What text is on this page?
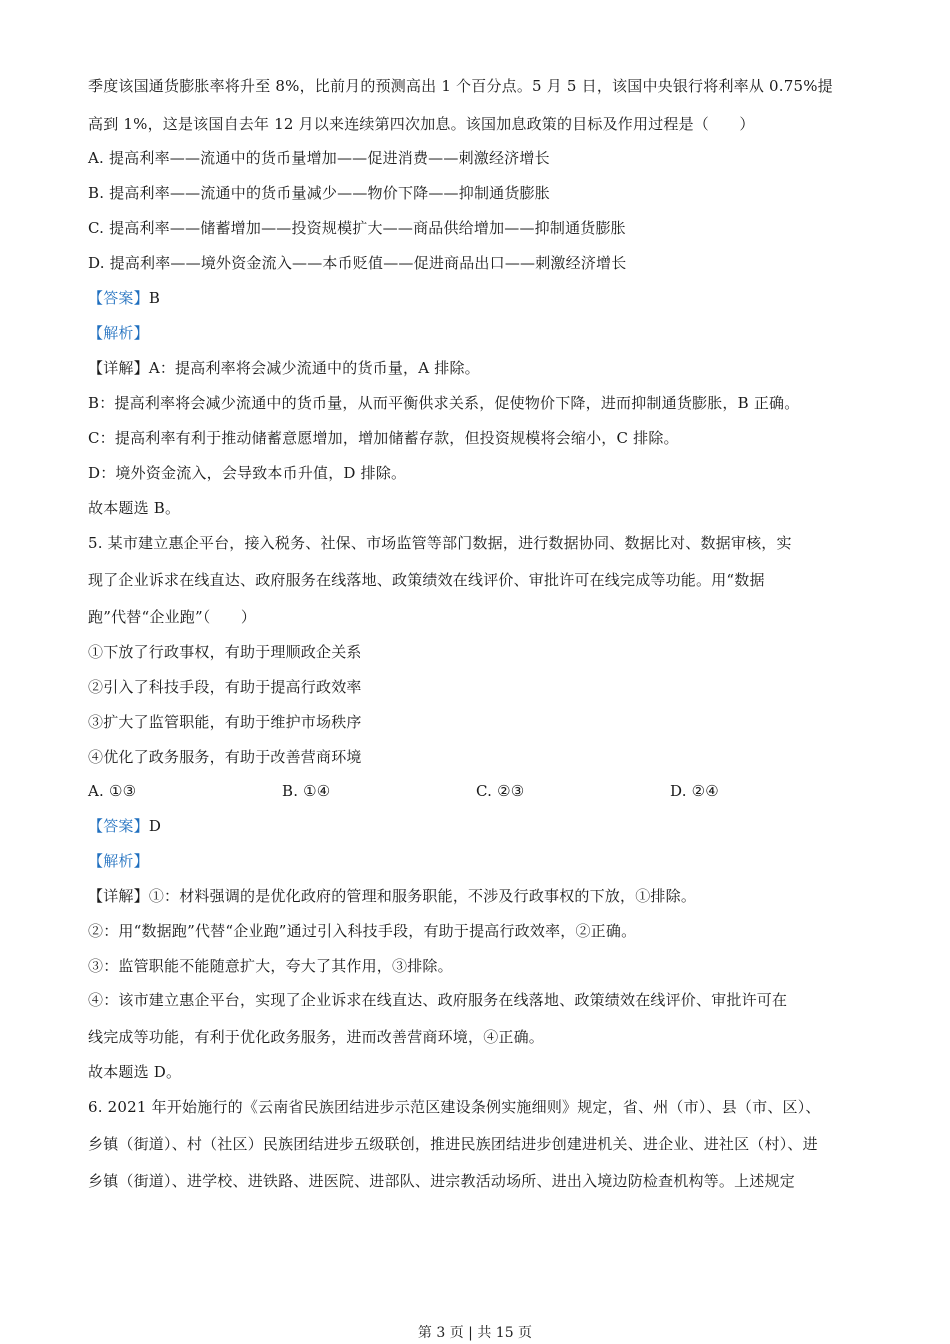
季度该国通货膨胀率将升至 8%，比前月的预测高出 1 个百分点。5 月 5 日，该国中央银行将利率从 0.75%提
高到 1%，这是该国自去年 12 月以来连续第四次加息。该国加息政策的目标及作用过程是（　　）
A. 提高利率——流通中的货币量增加——促进消费——刺激经济增长
B. 提高利率——流通中的货币量减少——物价下降——抑制通货膨胀
C. 提高利率——储蓄增加——投资规模扩大——商品供给增加——抑制通货膨胀
D. 提高利率——境外资金流入——本币贬值——促进商品出口——刺激经济增长
【答案】B
【解析】
【详解】A：提高利率将会减少流通中的货币量，A 排除。
B：提高利率将会减少流通中的货币量，从而平衡供求关系，促使物价下降，进而抑制通货膨胀，B 正确。
C：提高利率有利于推动储蓄意愿增加，增加储蓄存款，但投资规模将会缩小，C 排除。
D：境外资金流入，会导致本币升值，D 排除。
故本题选 B。
5. 某市建立惠企平台，接入税务、社保、市场监管等部门数据，进行数据协同、数据比对、数据审核，实
现了企业诉求在线直达、政府服务在线落地、政策绩效在线评价、审批许可在线完成等功能。用“数据
跑”代替“企业跑”（　　）
①下放了行政事权，有助于理顺政企关系
②引入了科技手段，有助于提高行政效率
③扩大了监管职能，有助于维护市场秩序
④优化了政务服务，有助于改善营商环境
A. ①③	B. ①④	C. ②③	D. ②④
【答案】D
【解析】
【详解】①：材料强调的是优化政府的管理和服务职能，不涉及行政事权的下放，①排除。
②：用“数据跑”代替“企业跑”通过引入科技手段，有助于提高行政效率，②正确。
③：监管职能不能随意扩大，夸大了其作用，③排除。
④：该市建立惠企平台，实现了企业诉求在线直达、政府服务在线落地、政策绩效在线评价、审批许可在
线完成等功能，有利于优化政务服务，进而改善营商环境，④正确。
故本题选 D。
6. 2021 年开始施行的《云南省民族团结进步示范区建设条例实施细则》规定，省、州（市）、县（市、区）、
乡镇（街道）、村（社区）民族团结进步五级联创，推进民族团结进步创建进机关、进企业、进社区（村）、进
乡镇（街道）、进学校、进铁路、进医院、进部队、进宗教活动场所、进出入境边防检查机构等。上述规定
第 3 页 | 共 15 页
